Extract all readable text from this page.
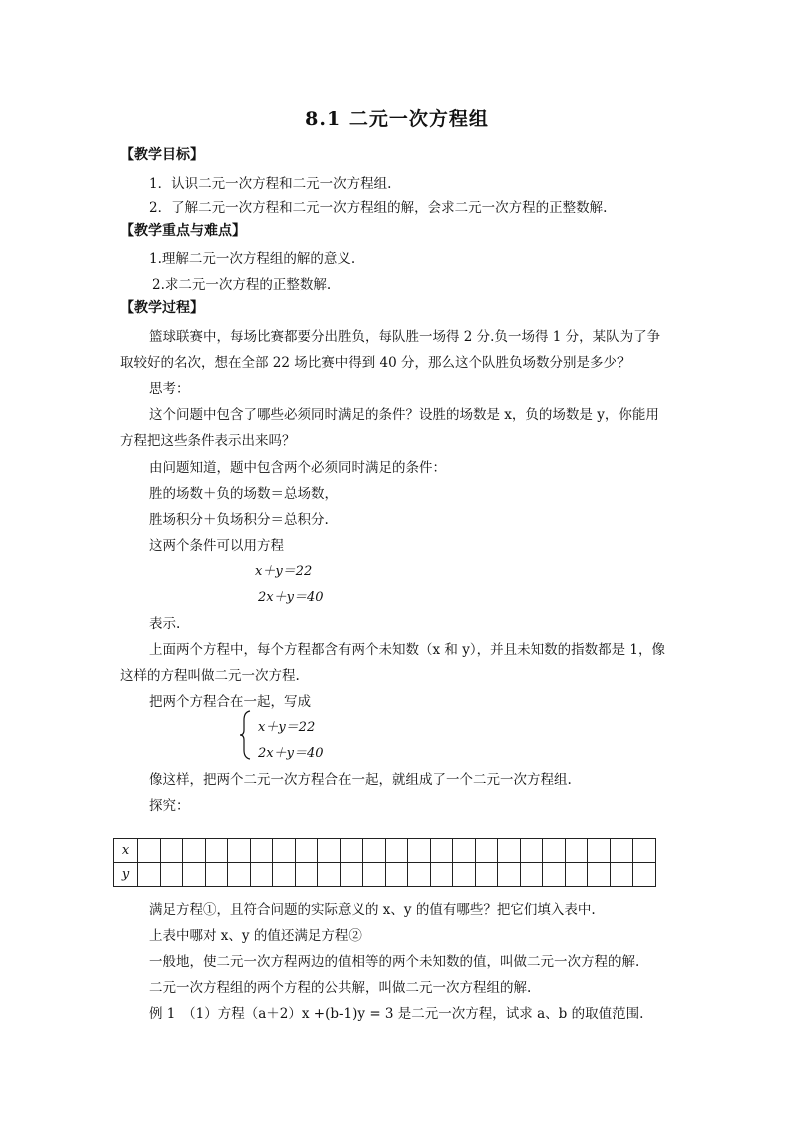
8.1 二元一次方程组
【教学目标】
1．认识二元一次方程和二元一次方程组.
2．了解二元一次方程和二元一次方程组的解，会求二元一次方程的正整数解.
【教学重点与难点】
1.理解二元一次方程组的解的意义.
2.求二元一次方程的正整数解.
【教学过程】
篮球联赛中，每场比赛都要分出胜负，每队胜一场得 2 分.负一场得 1 分，某队为了争
取较好的名次，想在全部 22 场比赛中得到 40 分，那么这个队胜负场数分别是多少？
思考：
这个问题中包含了哪些必须同时满足的条件？设胜的场数是 x，负的场数是 y，你能用
方程把这些条件表示出来吗？
由问题知道，题中包含两个必须同时满足的条件：
胜的场数＋负的场数＝总场数，
胜场积分＋负场积分＝总积分.
这两个条件可以用方程
x＋y＝22
2x＋y＝40
表示.
上面两个方程中，每个方程都含有两个未知数（x 和 y），并且未知数的指数都是 1，像
这样的方程叫做二元一次方程.
把两个方程合在一起，写成
x＋y＝22
2x＋y＝40
像这样，把两个二元一次方程合在一起，就组成了一个二元一次方程组.
探究：
x																							
y																							
满足方程①，且符合问题的实际意义的 x、y 的值有哪些？把它们填入表中.
上表中哪对 x、y 的值还满足方程②
一般地，使二元一次方程两边的值相等的两个未知数的值，叫做二元一次方程的解.
二元一次方程组的两个方程的公共解，叫做二元一次方程组的解.
例 1　（1）方程（a＋2）x +(b-1)y = 3 是二元一次方程，试求 a、b 的取值范围.
